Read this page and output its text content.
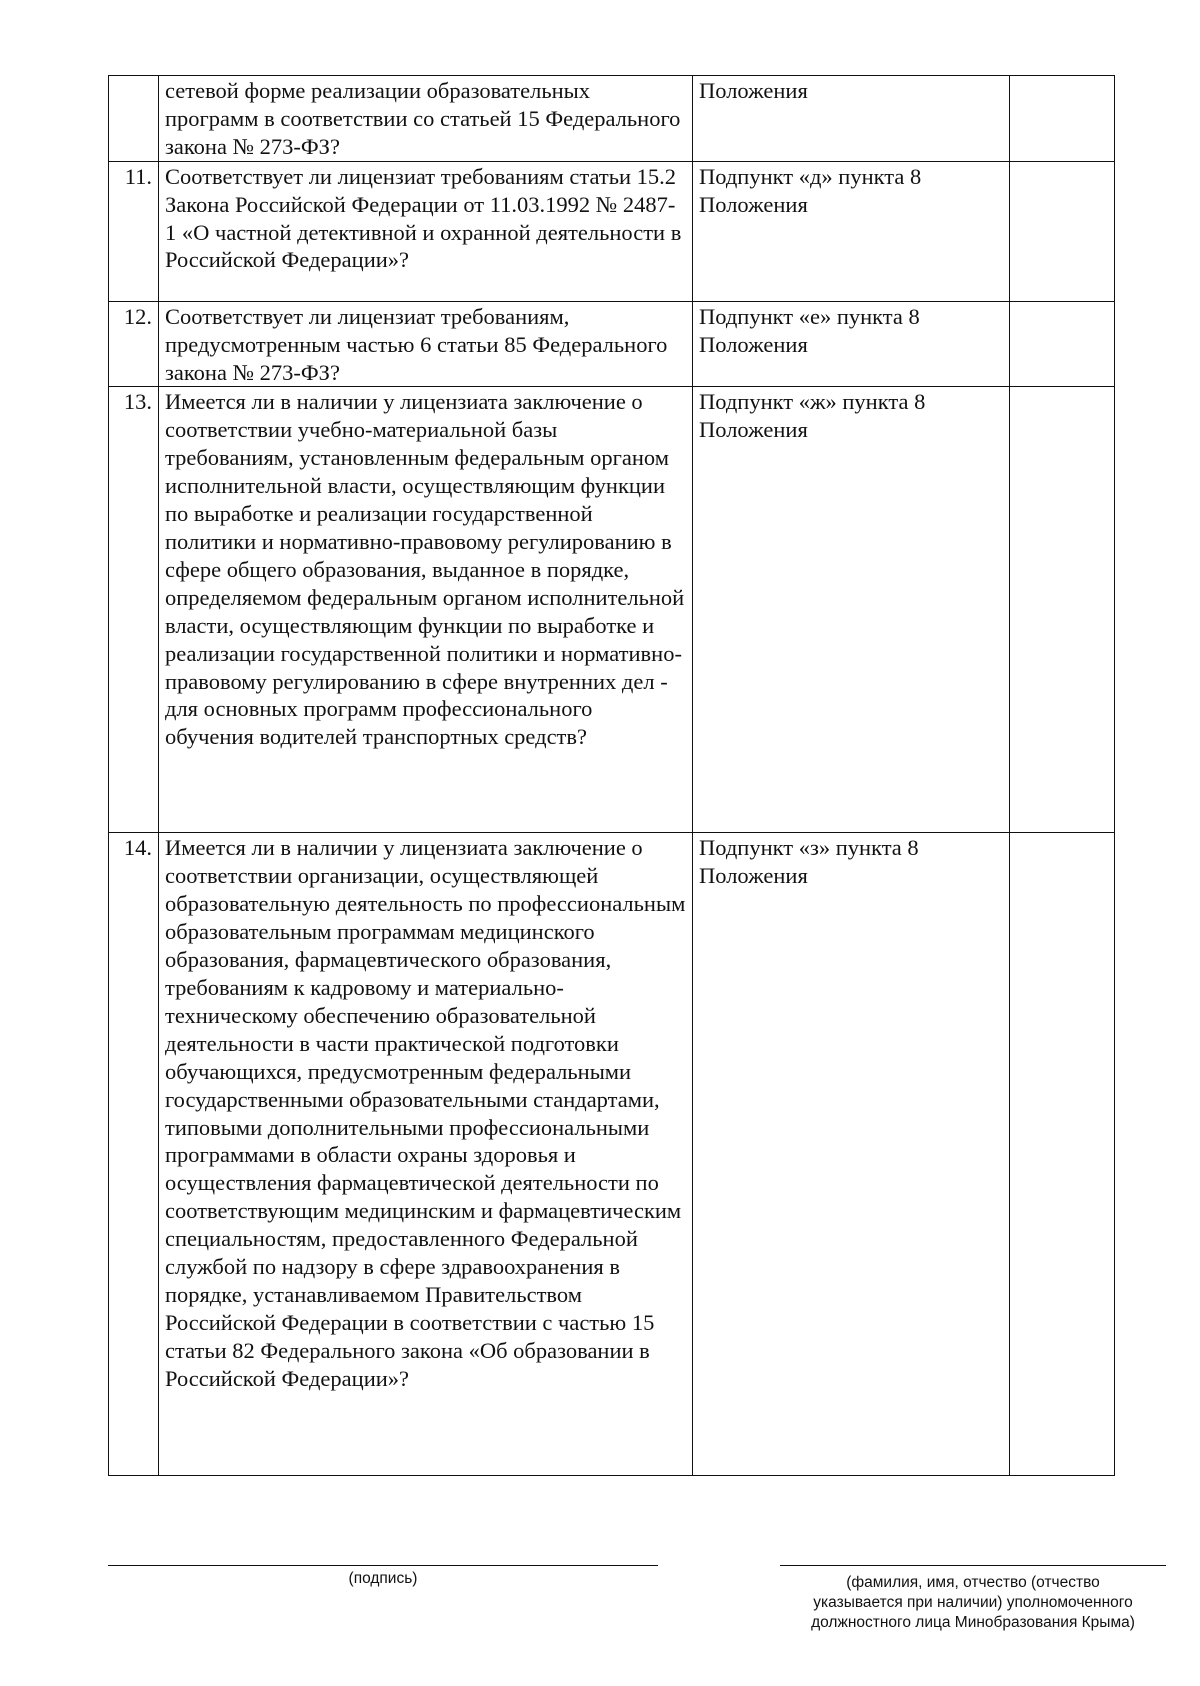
	сетевой форме реализации образовательных программ в соответствии со статьей 15 Федерального закона № 273-ФЗ?	Положения	
11.	Соответствует ли лицензиат требованиям статьи 15.2 Закона Российской Федерации от 11.03.1992 № 2487-1 «О частной детективной и охранной деятельности в Российской Федерации»?	Подпункт «д» пункта 8 Положения	
12.	Соответствует ли лицензиат требованиям, предусмотренным частью 6 статьи 85 Федерального закона № 273-ФЗ?	Подпункт «е» пункта 8 Положения	
13.	Имеется ли в наличии у лицензиата заключение о соответствии учебно-материальной базы требованиям, установленным федеральным органом исполнительной власти, осуществляющим функции по выработке и реализации государственной политики и нормативно-правовому регулированию в сфере общего образования, выданное в порядке, определяемом федеральным органом исполнительной власти, осуществляющим функции по выработке и реализации государственной политики и нормативно-правовому регулированию в сфере внутренних дел - для основных программ профессионального обучения водителей транспортных средств?	Подпункт «ж» пункта 8 Положения	
14.	Имеется ли в наличии у лицензиата заключение о соответствии организации, осуществляющей образовательную деятельность по профессиональным образовательным программам медицинского образования, фармацевтического образования, требованиям к кадровому и материально-техническому обеспечению образовательной деятельности в части практической подготовки обучающихся, предусмотренным федеральными государственными образовательными стандартами, типовыми дополнительными профессиональными программами в области охраны здоровья и осуществления фармацевтической деятельности по соответствующим медицинским и фармацевтическим специальностям, предоставленного Федеральной службой по надзору в сфере здравоохранения в порядке, устанавливаемом Правительством Российской Федерации в соответствии с частью 15 статьи 82 Федерального закона «Об образовании в Российской Федерации»?	Подпункт «з» пункта 8 Положения	
(подпись)	(фамилия, имя, отчество (отчество
указывается при наличии) уполномоченного
должностного лица Минобразования Крыма)
